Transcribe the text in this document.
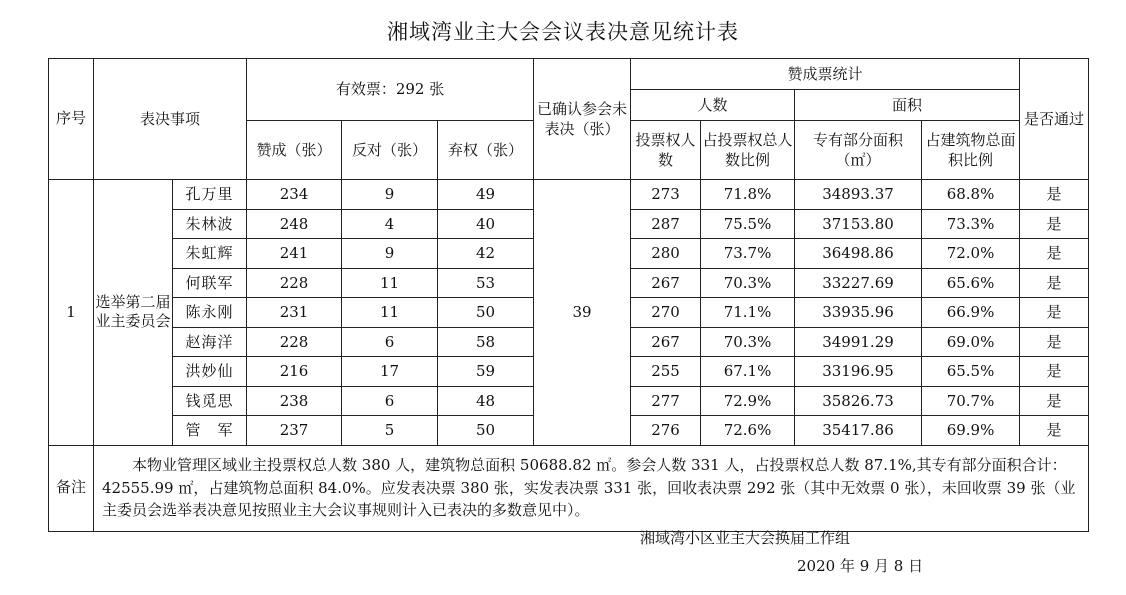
湘域湾业主大会会议表决意见统计表
序号	表决事项		有效票：292 张			已确认参会未表决（张）	赞成票统计				是否通过
							人数		面积		
			赞成（张）	反对（张）	弃权（张）		投票权人数	占投票权总人数比例	专有部分面积（㎡）	占建筑物总面积比例	
1	选举第二届业主委员会	孔万里	234	9	49	39	273	71.8%	34893.37	68.8%	是
		朱林波	248	4	40		287	75.5%	37153.80	73.3%	是
		朱虹辉	241	9	42		280	73.7%	36498.86	72.0%	是
		何联军	228	11	53		267	70.3%	33227.69	65.6%	是
		陈永刚	231	11	50		270	71.1%	33935.96	66.9%	是
		赵海洋	228	6	58		267	70.3%	34991.29	69.0%	是
		洪妙仙	216	17	59		255	67.1%	33196.95	65.5%	是
		钱觅思	238	6	48		277	72.9%	35826.73	70.7%	是
		管　军	237	5	50		276	72.6%	35417.86	69.9%	是
备注	本物业管理区域业主投票权总人数 380 人，建筑物总面积 50688.82 ㎡。参会人数 331 人，占投票权总人数 87.1%,其专有部分面积合计：42555.99 ㎡，占建筑物总面积 84.0%。应发表决票 380 张，实发表决票 331 张，回收表决票 292 张（其中无效票 0 张），未回收票 39 张（业主委员会选举表决意见按照业主大会议事规则计入已表决的多数意见中）。										
湘域湾小区业主大会换届工作组
2020 年 9 月 8 日
